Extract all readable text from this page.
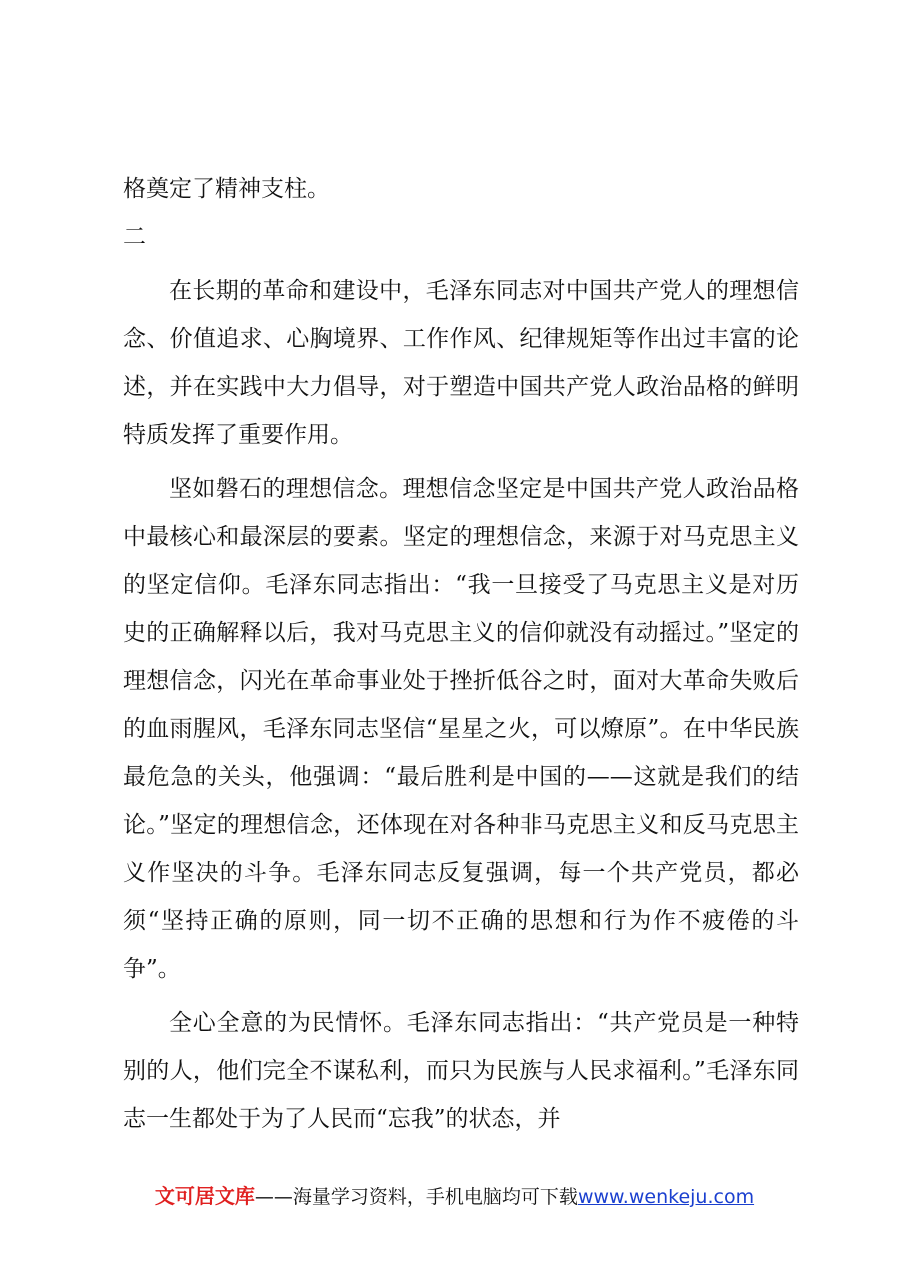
格奠定了精神支柱。

二

在长期的革命和建设中，毛泽东同志对中国共产党人的理想信念、价值追求、心胸境界、工作作风、纪律规矩等作出过丰富的论述，并在实践中大力倡导，对于塑造中国共产党人政治品格的鲜明特质发挥了重要作用。

坚如磐石的理想信念。理想信念坚定是中国共产党人政治品格中最核心和最深层的要素。坚定的理想信念，来源于对马克思主义的坚定信仰。毛泽东同志指出：“我一旦接受了马克思主义是对历史的正确解释以后，我对马克思主义的信仰就没有动摇过。”坚定的理想信念，闪光在革命事业处于挫折低谷之时，面对大革命失败后的血雨腥风，毛泽东同志坚信“星星之火，可以燎原”。在中华民族最危急的关头，他强调：“最后胜利是中国的——这就是我们的结论。”坚定的理想信念，还体现在对各种非马克思主义和反马克思主义作坚决的斗争。毛泽东同志反复强调，每一个共产党员，都必须“坚持正确的原则，同一切不正确的思想和行为作不疲倦的斗争”。

全心全意的为民情怀。毛泽东同志指出：“共产党员是一种特别的人，他们完全不谋私利，而只为民族与人民求福利。”毛泽东同志一生都处于为了人民而“忘我”的状态，并

文可居文库——海量学习资料，手机电脑均可下载www.wenkeju.com
